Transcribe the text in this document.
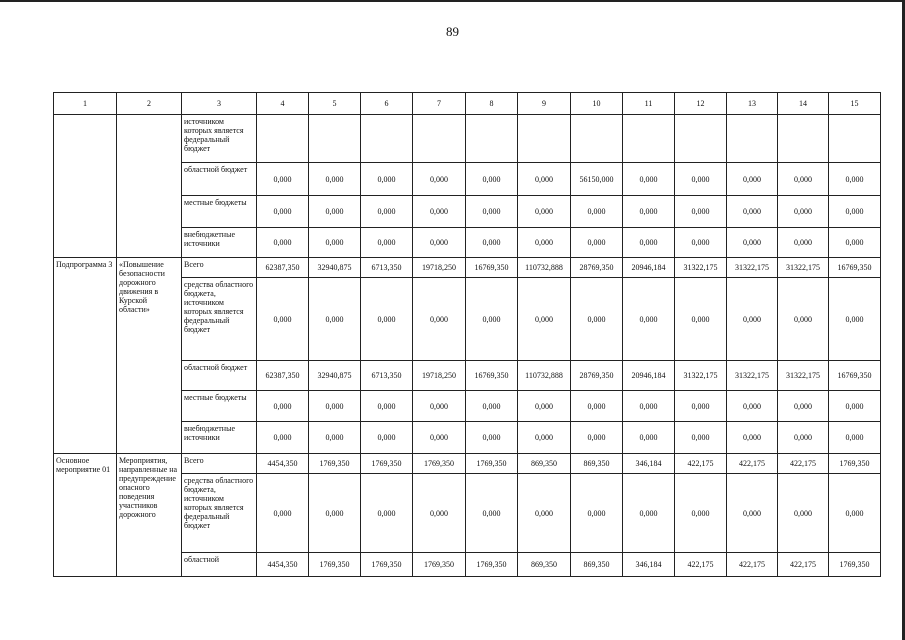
89
1	2	3	4	5	6	7	8	9	10	11	12	13	14	15
		источником которых является федеральный бюджет												
		областной бюджет	0,000	0,000	0,000	0,000	0,000	0,000	56150,000	0,000	0,000	0,000	0,000	0,000
		местные бюджеты	0,000	0,000	0,000	0,000	0,000	0,000	0,000	0,000	0,000	0,000	0,000	0,000
		внебюджетные источники	0,000	0,000	0,000	0,000	0,000	0,000	0,000	0,000	0,000	0,000	0,000	0,000
Подпрограмма 3	«Повышение безопасности дорожного движения в Курской области»	Всего	62387,350	32940,875	6713,350	19718,250	16769,350	110732,888	28769,350	20946,184	31322,175	31322,175	31322,175	16769,350
		средства областного бюджета, источником которых является федеральный бюджет	0,000	0,000	0,000	0,000	0,000	0,000	0,000	0,000	0,000	0,000	0,000	0,000
		областной бюджет	62387,350	32940,875	6713,350	19718,250	16769,350	110732,888	28769,350	20946,184	31322,175	31322,175	31322,175	16769,350
		местные бюджеты	0,000	0,000	0,000	0,000	0,000	0,000	0,000	0,000	0,000	0,000	0,000	0,000
		внебюджетные источники	0,000	0,000	0,000	0,000	0,000	0,000	0,000	0,000	0,000	0,000	0,000	0,000
Основное мероприятие 01	Мероприятия, направленные на предупреждение опасного поведения участников дорожного	Всего	4454,350	1769,350	1769,350	1769,350	1769,350	869,350	869,350	346,184	422,175	422,175	422,175	1769,350
		средства областного бюджета, источником которых является федеральный бюджет	0,000	0,000	0,000	0,000	0,000	0,000	0,000	0,000	0,000	0,000	0,000	0,000
		областной	4454,350	1769,350	1769,350	1769,350	1769,350	869,350	869,350	346,184	422,175	422,175	422,175	1769,350
